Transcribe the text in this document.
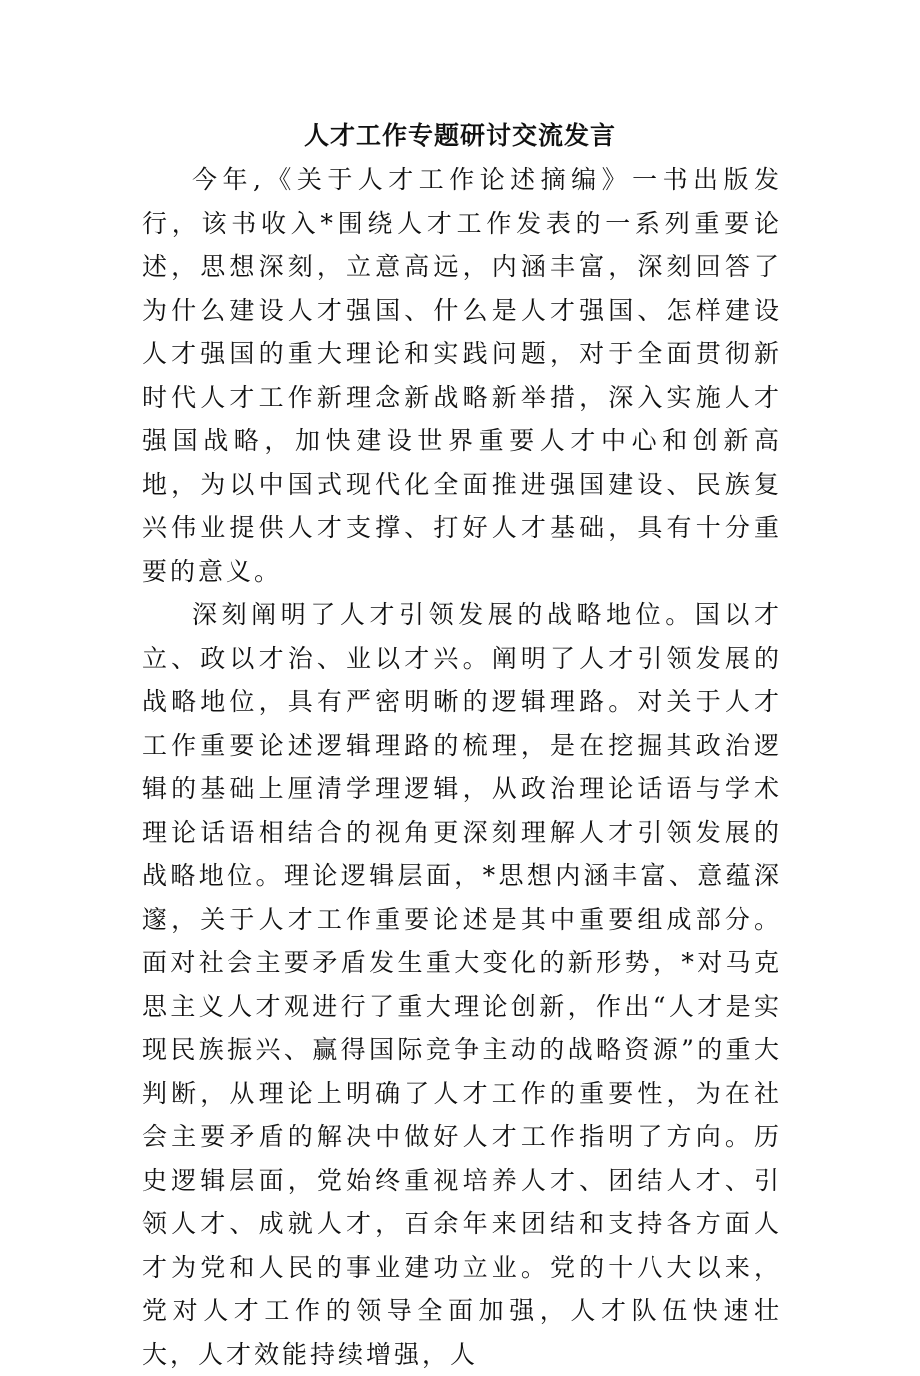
人才工作专题研讨交流发言

今年,《关于人才工作论述摘编》一书出版发行，该书收入*围绕人才工作发表的一系列重要论述，思想深刻，立意高远，内涵丰富，深刻回答了为什么建设人才强国、什么是人才强国、怎样建设人才强国的重大理论和实践问题，对于全面贯彻新时代人才工作新理念新战略新举措，深入实施人才强国战略，加快建设世界重要人才中心和创新高地，为以中国式现代化全面推进强国建设、民族复兴伟业提供人才支撑、打好人才基础，具有十分重要的意义。

深刻阐明了人才引领发展的战略地位。国以才立、政以才治、业以才兴。阐明了人才引领发展的战略地位，具有严密明晰的逻辑理路。对关于人才工作重要论述逻辑理路的梳理，是在挖掘其政治逻辑的基础上厘清学理逻辑，从政治理论话语与学术理论话语相结合的视角更深刻理解人才引领发展的战略地位。理论逻辑层面，*思想内涵丰富、意蕴深邃，关于人才工作重要论述是其中重要组成部分。面对社会主要矛盾发生重大变化的新形势，*对马克思主义人才观进行了重大理论创新，作出“人才是实现民族振兴、赢得国际竞争主动的战略资源”的重大判断，从理论上明确了人才工作的重要性，为在社会主要矛盾的解决中做好人才工作指明了方向。历史逻辑层面，党始终重视培养人才、团结人才、引领人才、成就人才，百余年来团结和支持各方面人才为党和人民的事业建功立业。党的十八大以来，党对人才工作的领导全面加强，人才队伍快速壮大，人才效能持续增强，人
